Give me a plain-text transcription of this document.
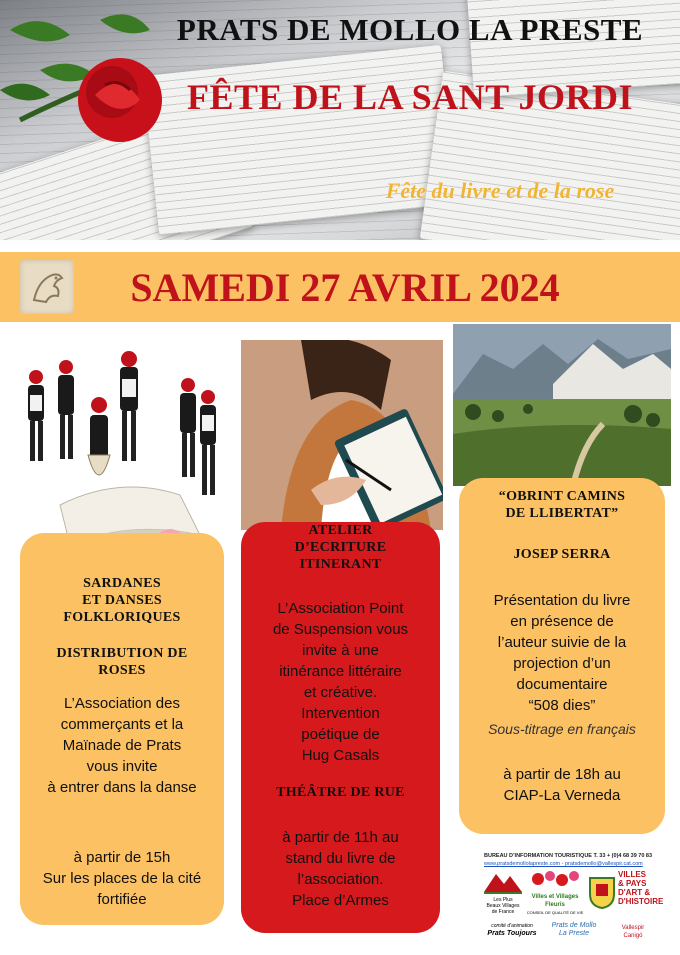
PRATS DE MOLLO LA PRESTE
FÊTE DE LA SANT JORDI
Fête du livre et de la rose
SAMEDI 27 AVRIL 2024
SARDANES
ET DANSES
FOLKLORIQUES
DISTRIBUTION DE
ROSES
L’Association des
commerçants et la
Maïnade de Prats
vous invite
à entrer dans la danse
à partir de 15h
Sur les places de la cité
fortifiée
ATELIER
D’ECRITURE
ITINERANT
L’Association Point
de Suspension vous
invite à une
itinérance littéraire
et créative.
Intervention
poétique de
Hug Casals
THÉÂTRE DE RUE
à partir de 11h au
stand du livre de
l’association.
Place d’Armes
“OBRINT CAMINS
DE LLIBERTAT”
JOSEP SERRA
Présentation du livre
en présence de
l’auteur suivie de la
projection d’un
documentaire
“508 dies”
Sous-titrage en français
à partir de 18h au
CIAP-La Verneda
BUREAU D’INFORMATION TOURISTIQUE T. 33 + (0)4 68 39 70 83
www.pratsdemollolapreste.com - pratsdemollo@vallespir.cat.com
Les Plus
Beaux Villages
de France
Villes et Villages Fleuris
CONSEIL DE QUALITÉ DE VIE
VILLES
& PAYS
D'ART &
D'HISTOIRE
comité d'animation
Prats Toujours
Prats de Mollo
La Preste
Vallespir
Canigó
